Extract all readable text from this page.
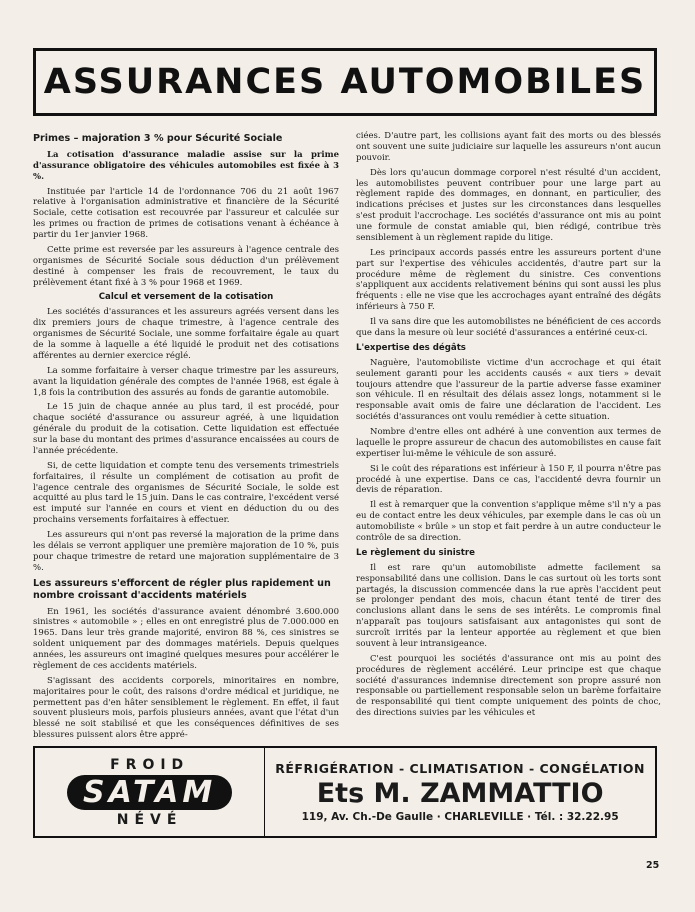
ASSURANCES AUTOMOBILES
Primes – majoration 3 % pour Sécurité Sociale

La cotisation d'assurance maladie assise sur la prime d'assurance obligatoire des véhicules automobiles est fixée à 3 %.

Instituée par l'article 14 de l'ordonnance 706 du 21 août 1967 relative à l'organisation administrative et financière de la Sécurité Sociale, cette cotisation est recouvrée par l'assureur et calculée sur les primes ou fraction de primes de cotisations venant à échéance à partir du 1er janvier 1968.

Cette prime est reversée par les assureurs à l'agence centrale des organismes de Sécurité Sociale sous déduction d'un prélèvement destiné à compenser les frais de recouvrement, le taux du prélèvement étant fixé à 3 % pour 1968 et 1969.

Calcul et versement de la cotisation

Les sociétés d'assurances et les assureurs agréés versent dans les dix premiers jours de chaque trimestre, à l'agence centrale des organismes de Sécurité Sociale, une somme forfaitaire égale au quart de la somme à laquelle a été liquidé le produit net des cotisations afférentes au dernier exercice réglé.

La somme forfaitaire à verser chaque trimestre par les assureurs, avant la liquidation générale des comptes de l'année 1968, est égale à 1,8 fois la contribution des assurés au fonds de garantie automobile.

Le 15 juin de chaque année au plus tard, il est procédé, pour chaque société d'assurance ou assureur agréé, à une liquidation générale du produit de la cotisation. Cette liquidation est effectuée sur la base du montant des primes d'assurance encaissées au cours de l'année précédente.

Si, de cette liquidation et compte tenu des versements trimestriels forfaitaires, il résulte un complément de cotisation au profit de l'agence centrale des organismes de Sécurité Sociale, le solde est acquitté au plus tard le 15 juin. Dans le cas contraire, l'excédent versé est imputé sur l'année en cours et vient en déduction du ou des prochains versements forfaitaires à effectuer.

Les assureurs qui n'ont pas reversé la majoration de la prime dans les délais se verront appliquer une première majoration de 10 %, puis pour chaque trimestre de retard une majoration supplémentaire de 3 %.

Les assureurs s'efforcent de régler plus rapidement un nombre croissant d'accidents matériels

En 1961, les sociétés d'assurance avaient dénombré 3.600.000 sinistres « automobile » ; elles en ont enregistré plus de 7.000.000 en 1965. Dans leur très grande majorité, environ 88 %, ces sinistres se soldent uniquement par des dommages matériels. Depuis quelques années, les assureurs ont imaginé quelques mesures pour accélérer le règlement de ces accidents matériels.

S'agissant des accidents corporels, minoritaires en nombre, majoritaires pour le coût, des raisons d'ordre médical et juridique, ne permettent pas d'en hâter sensiblement le règlement. En effet, il faut souvent plusieurs mois, parfois plusieurs années, avant que l'état d'un blessé ne soit stabilisé et que les conséquences définitives de ses blessures puissent alors être appré-

ciées. D'autre part, les collisions ayant fait des morts ou des blessés ont souvent une suite judiciaire sur laquelle les assureurs n'ont aucun pouvoir.

Dès lors qu'aucun dommage corporel n'est résulté d'un accident, les automobilistes peuvent contribuer pour une large part au règlement rapide des dommages, en donnant, en particulier, des indications précises et justes sur les circonstances dans lesquelles s'est produit l'accrochage. Les sociétés d'assurance ont mis au point une formule de constat amiable qui, bien rédigé, contribue très sensiblement à un règlement rapide du litige.

Les principaux accords passés entre les assureurs portent d'une part sur l'expertise des véhicules accidentés, d'autre part sur la procédure même de règlement du sinistre. Ces conventions s'appliquent aux accidents relativement bénins qui sont aussi les plus fréquents : elle ne vise que les accrochages ayant entraîné des dégâts inférieurs à 750 F.

Il va sans dire que les automobilistes ne bénéficient de ces accords que dans la mesure où leur société d'assurances a entériné ceux-ci.

L'expertise des dégâts

Naguère, l'automobiliste victime d'un accrochage et qui était seulement garanti pour les accidents causés « aux tiers » devait toujours attendre que l'assureur de la partie adverse fasse examiner son véhicule. Il en résultait des délais assez longs, notamment si le responsable avait omis de faire une déclaration de l'accident. Les sociétés d'assurances ont voulu remédier à cette situation.

Nombre d'entre elles ont adhéré à une convention aux termes de laquelle le propre assureur de chacun des automobilistes en cause fait expertiser lui-même le véhicule de son assuré.

Si le coût des réparations est inférieur à 150 F, il pourra n'être pas procédé à une expertise. Dans ce cas, l'accidenté devra fournir un devis de réparation.

Il est à remarquer que la convention s'applique même s'il n'y a pas eu de contact entre les deux véhicules, par exemple dans le cas où un automobiliste « brûle » un stop et fait perdre à un autre conducteur le contrôle de sa direction.

Le règlement du sinistre

Il est rare qu'un automobiliste admette facilement sa responsabilité dans une collision. Dans le cas surtout où les torts sont partagés, la discussion commencée dans la rue après l'accident peut se prolonger pendant des mois, chacun étant tenté de tirer des conclusions allant dans le sens de ses intérêts. Le compromis final n'apparaît pas toujours satisfaisant aux antagonistes qui sont de surcroît irrités par la lenteur apportée au règlement et que bien souvent à leur intransigeance.

C'est pourquoi les sociétés d'assurance ont mis au point des procédures de règlement accéléré. Leur principe est que chaque société d'assurances indemnise directement son propre assuré non responsable ou partiellement responsable selon un barème forfaitaire de responsabilité qui tient compte uniquement des points de choc, des directions suivies par les véhicules et

FROID
SATAM
NÉVÉ
RÉFRIGÉRATION - CLIMATISATION - CONGÉLATION
Ets M. ZAMMATTIO
119, Av. Ch.-De Gaulle · CHARLEVILLE · Tél. : 32.22.95
25
